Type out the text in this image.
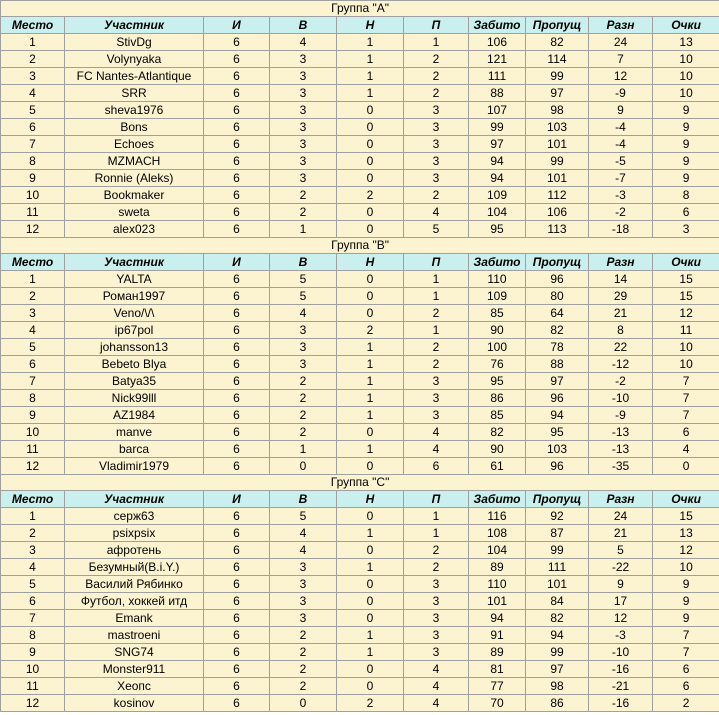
Группа "А"									
Место	Участник	И	В	Н	П	Забито	Пропущ	Разн	Очки
1	StivDg	6	4	1	1	106	82	24	13
2	Volynyaka	6	3	1	2	121	114	7	10
3	FC Nantes-Atlantique	6	3	1	2	111	99	12	10
4	SRR	6	3	1	2	88	97	-9	10
5	sheva1976	6	3	0	3	107	98	9	9
6	Bons	6	3	0	3	99	103	-4	9
7	Echoes	6	3	0	3	97	101	-4	9
8	MZMACH	6	3	0	3	94	99	-5	9
9	Ronnie (Aleks)	6	3	0	3	94	101	-7	9
10	Bookmaker	6	2	2	2	109	112	-3	8
11	sweta	6	2	0	4	104	106	-2	6
12	alex023	6	1	0	5	95	113	-18	3
Группа "В"									
Место	Участник	И	В	Н	П	Забито	Пропущ	Разн	Очки
1	YALTA	6	5	0	1	110	96	14	15
2	Роман1997	6	5	0	1	109	80	29	15
3	Veno/\/\	6	4	0	2	85	64	21	12
4	ip67pol	6	3	2	1	90	82	8	11
5	johansson13	6	3	1	2	100	78	22	10
6	Bebeto Blya	6	3	1	2	76	88	-12	10
7	Batya35	6	2	1	3	95	97	-2	7
8	Nick99lll	6	2	1	3	86	96	-10	7
9	AZ1984	6	2	1	3	85	94	-9	7
10	manve	6	2	0	4	82	95	-13	6
11	barca	6	1	1	4	90	103	-13	4
12	Vladimir1979	6	0	0	6	61	96	-35	0
Группа "С"									
Место	Участник	И	В	Н	П	Забито	Пропущ	Разн	Очки
1	серж63	6	5	0	1	116	92	24	15
2	psixpsix	6	4	1	1	108	87	21	13
3	афротень	6	4	0	2	104	99	5	12
4	Безумный(B.i.Y.)	6	3	1	2	89	111	-22	10
5	Василий Рябинко	6	3	0	3	110	101	9	9
6	Футбол, хоккей итд	6	3	0	3	101	84	17	9
7	Emank	6	3	0	3	94	82	12	9
8	mastroeni	6	2	1	3	91	94	-3	7
9	SNG74	6	2	1	3	89	99	-10	7
10	Monster911	6	2	0	4	81	97	-16	6
11	Хеопс	6	2	0	4	77	98	-21	6
12	kosinov	6	0	2	4	70	86	-16	2
